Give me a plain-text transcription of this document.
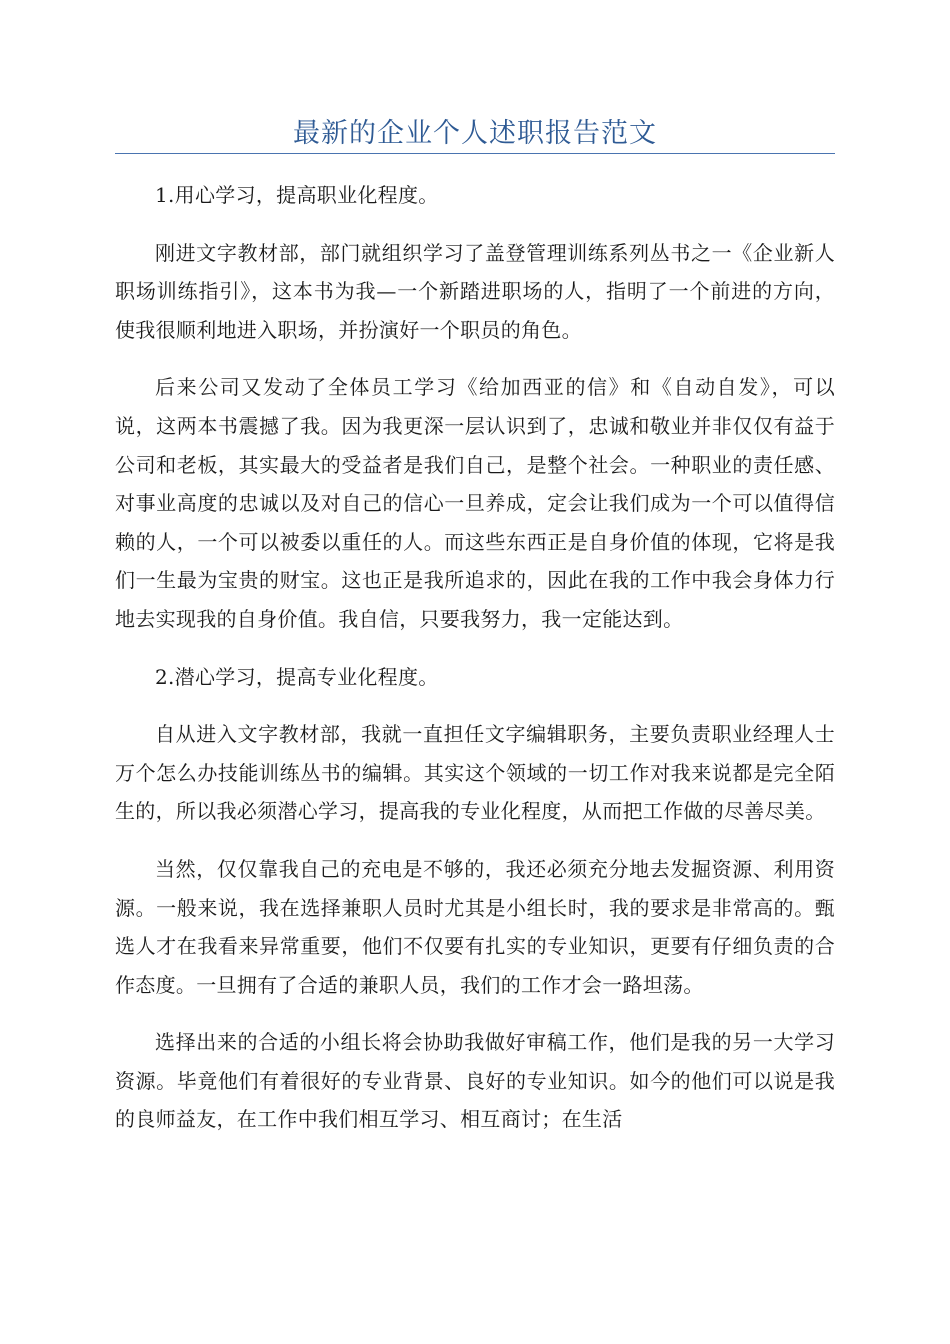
最新的企业个人述职报告范文

1.用心学习，提高职业化程度。

刚进文字教材部，部门就组织学习了盖登管理训练系列丛书之一《企业新人职场训练指引》，这本书为我—一个新踏进职场的人，指明了一个前进的方向，使我很顺利地进入职场，并扮演好一个职员的角色。

后来公司又发动了全体员工学习《给加西亚的信》和《自动自发》，可以说，这两本书震撼了我。因为我更深一层认识到了，忠诚和敬业并非仅仅有益于公司和老板，其实最大的受益者是我们自己，是整个社会。一种职业的责任感、对事业高度的忠诚以及对自己的信心一旦养成，定会让我们成为一个可以值得信赖的人，一个可以被委以重任的人。而这些东西正是自身价值的体现，它将是我们一生最为宝贵的财宝。这也正是我所追求的，因此在我的工作中我会身体力行地去实现我的自身价值。我自信，只要我努力，我一定能达到。

2.潜心学习，提高专业化程度。

自从进入文字教材部，我就一直担任文字编辑职务，主要负责职业经理人士万个怎么办技能训练丛书的编辑。其实这个领域的一切工作对我来说都是完全陌生的，所以我必须潜心学习，提高我的专业化程度，从而把工作做的尽善尽美。

当然，仅仅靠我自己的充电是不够的，我还必须充分地去发掘资源、利用资源。一般来说，我在选择兼职人员时尤其是小组长时，我的要求是非常高的。甄选人才在我看来异常重要，他们不仅要有扎实的专业知识，更要有仔细负责的合作态度。一旦拥有了合适的兼职人员，我们的工作才会一路坦荡。

选择出来的合适的小组长将会协助我做好审稿工作，他们是我的另一大学习资源。毕竟他们有着很好的专业背景、良好的专业知识。如今的他们可以说是我的良师益友，在工作中我们相互学习、相互商讨；在生活
